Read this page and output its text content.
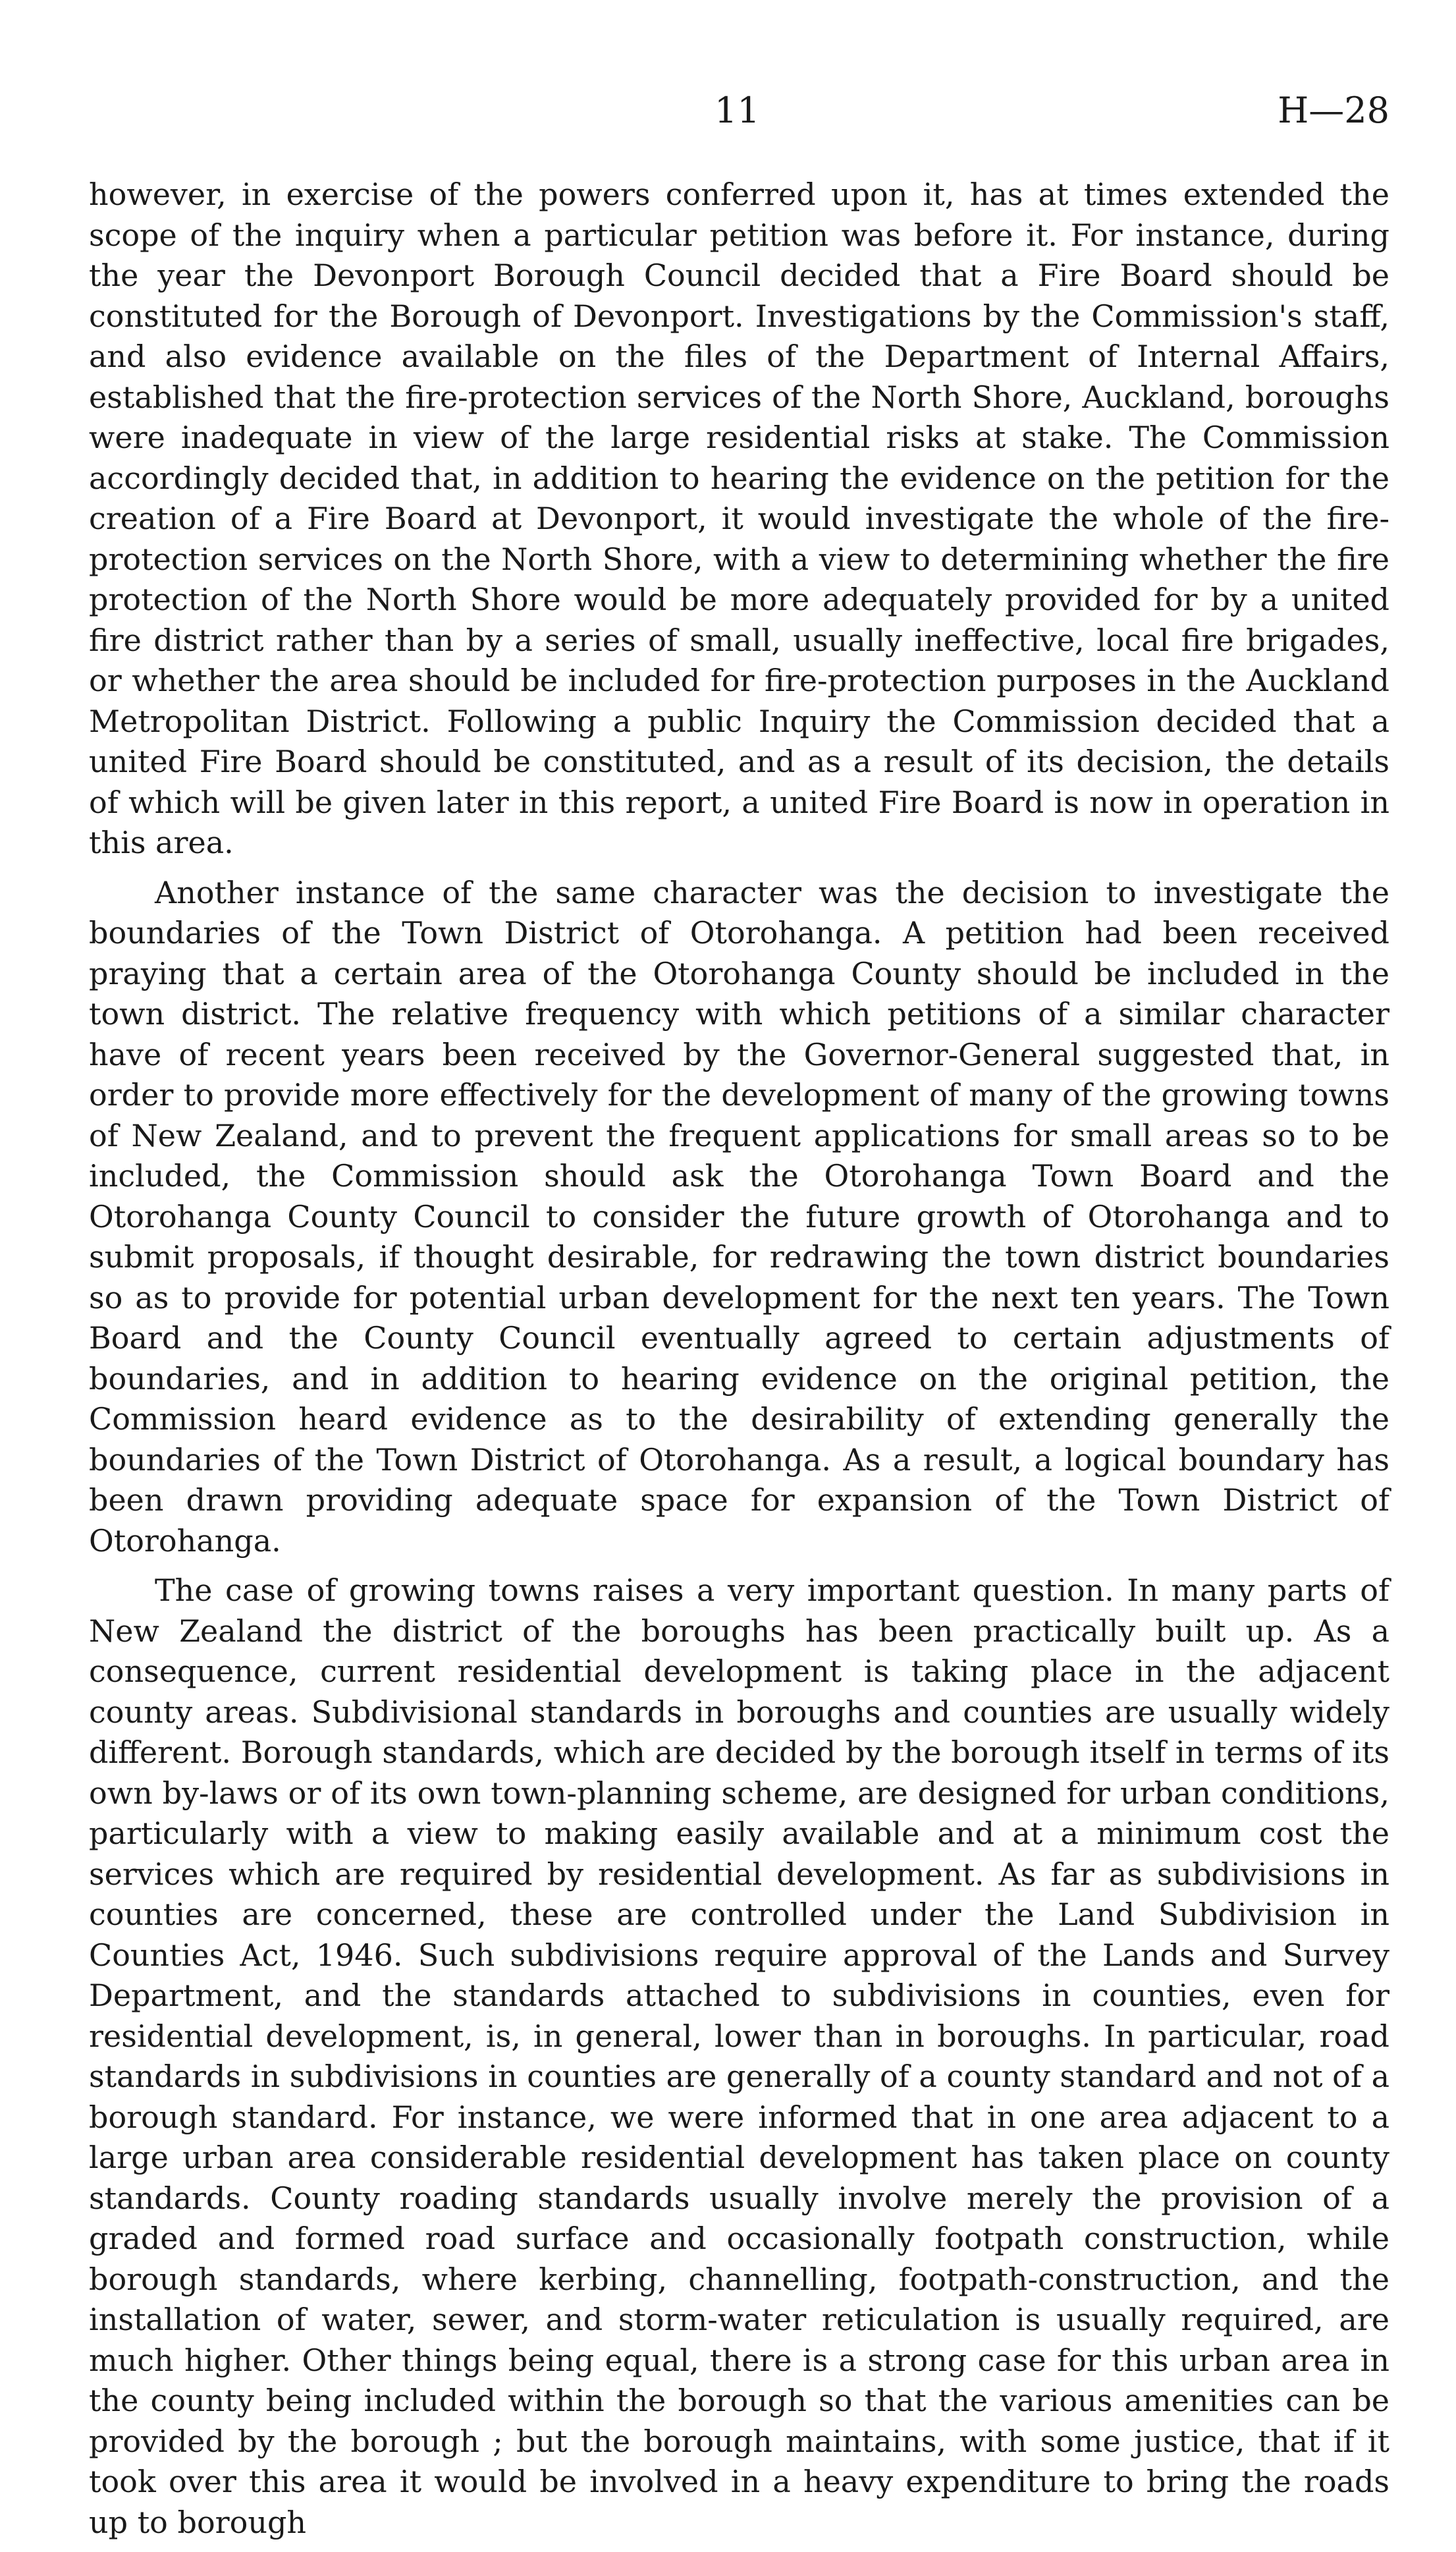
11	H—28

however, in exercise of the powers conferred upon it, has at times extended the scope of the inquiry when a particular petition was before it. For instance, during the year the Devonport Borough Council decided that a Fire Board should be constituted for the Borough of Devonport. Investigations by the Commission's staff, and also evidence available on the files of the Department of Internal Affairs, established that the fire-protection services of the North Shore, Auckland, boroughs were inadequate in view of the large residential risks at stake. The Commission accordingly decided that, in addition to hearing the evidence on the petition for the creation of a Fire Board at Devonport, it would investigate the whole of the fire-protection services on the North Shore, with a view to determining whether the fire protection of the North Shore would be more adequately provided for by a united fire district rather than by a series of small, usually ineffective, local fire brigades, or whether the area should be included for fire-protection purposes in the Auckland Metropolitan District. Following a public Inquiry the Commission decided that a united Fire Board should be constituted, and as a result of its decision, the details of which will be given later in this report, a united Fire Board is now in operation in this area.

Another instance of the same character was the decision to investigate the boundaries of the Town District of Otorohanga. A petition had been received praying that a certain area of the Otorohanga County should be included in the town district. The relative frequency with which petitions of a similar character have of recent years been received by the Governor-General suggested that, in order to provide more effectively for the development of many of the growing towns of New Zealand, and to prevent the frequent applications for small areas so to be included, the Commission should ask the Otorohanga Town Board and the Otorohanga County Council to consider the future growth of Otorohanga and to submit proposals, if thought desirable, for redrawing the town district boundaries so as to provide for potential urban development for the next ten years. The Town Board and the County Council eventually agreed to certain adjustments of boundaries, and in addition to hearing evidence on the original petition, the Commission heard evidence as to the desirability of extending generally the boundaries of the Town District of Otorohanga. As a result, a logical boundary has been drawn providing adequate space for expansion of the Town District of Otorohanga.

The case of growing towns raises a very important question. In many parts of New Zealand the district of the boroughs has been practically built up. As a consequence, current residential development is taking place in the adjacent county areas. Subdivisional standards in boroughs and counties are usually widely different. Borough standards, which are decided by the borough itself in terms of its own by-laws or of its own town-planning scheme, are designed for urban conditions, particularly with a view to making easily available and at a minimum cost the services which are required by residential development. As far as subdivisions in counties are concerned, these are controlled under the Land Subdivision in Counties Act, 1946. Such subdivisions require approval of the Lands and Survey Department, and the standards attached to subdivisions in counties, even for residential development, is, in general, lower than in boroughs. In particular, road standards in subdivisions in counties are generally of a county standard and not of a borough standard. For instance, we were informed that in one area adjacent to a large urban area considerable residential development has taken place on county standards. County roading standards usually involve merely the provision of a graded and formed road surface and occasionally footpath construction, while borough standards, where kerbing, channelling, footpath-construction, and the installation of water, sewer, and storm-water reticulation is usually required, are much higher. Other things being equal, there is a strong case for this urban area in the county being included within the borough so that the various amenities can be provided by the borough ; but the borough maintains, with some justice, that if it took over this area it would be involved in a heavy expenditure to bring the roads up to borough
